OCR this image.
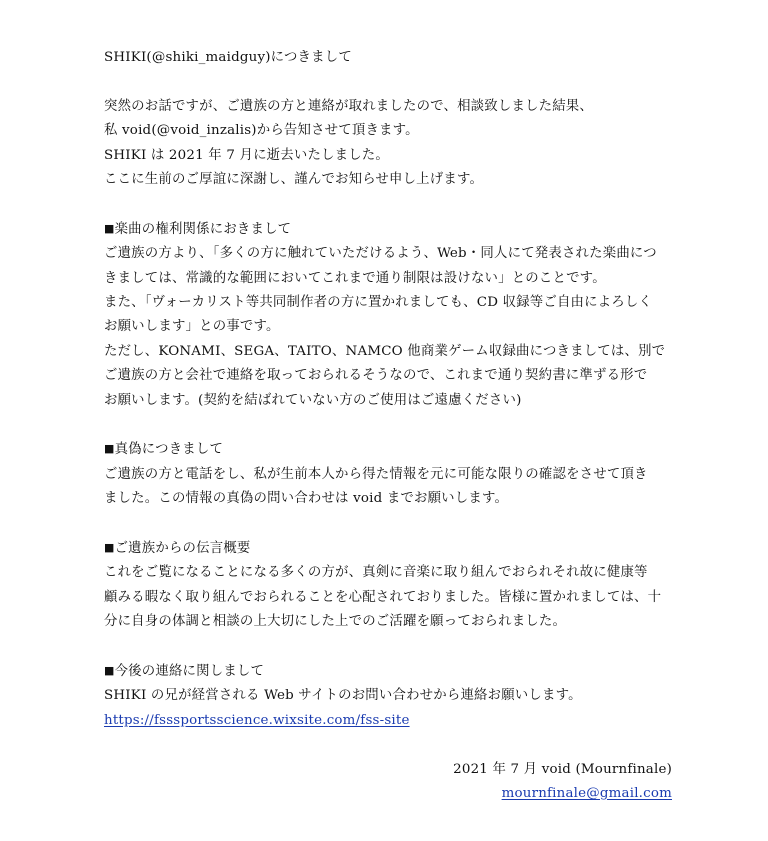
SHIKI(@shiki_maidguy)につきまして
突然のお話ですが、ご遺族の方と連絡が取れましたので、相談致しました結果、
私 void(@void_inzalis)から告知させて頂きます。
SHIKI は 2021 年 7 月に逝去いたしました。
ここに生前のご厚誼に深謝し、謹んでお知らせ申し上げます。
■楽曲の権利関係におきまして
ご遺族の方より、「多くの方に触れていただけるよう、Web・同人にて発表された楽曲につ
きましては、常識的な範囲においてこれまで通り制限は設けない」とのことです。
また、「ヴォーカリスト等共同制作者の方に置かれましても、CD 収録等ご自由によろしく
お願いします」との事です。
ただし、KONAMI、SEGA、TAITO、NAMCO 他商業ゲーム収録曲につきましては、別で
ご遺族の方と会社で連絡を取っておられるそうなので、これまで通り契約書に準ずる形で
お願いします。(契約を結ばれていない方のご使用はご遠慮ください)
■真偽につきまして
ご遺族の方と電話をし、私が生前本人から得た情報を元に可能な限りの確認をさせて頂き
ました。この情報の真偽の問い合わせは void までお願いします。
■ご遺族からの伝言概要
これをご覧になることになる多くの方が、真剣に音楽に取り組んでおられそれ故に健康等
顧みる暇なく取り組んでおられることを心配されておりました。皆様に置かれましては、十
分に自身の体調と相談の上大切にした上でのご活躍を願っておられました。
■今後の連絡に関しまして
SHIKI の兄が経営される Web サイトのお問い合わせから連絡お願いします。
https://fsssportsscience.wixsite.com/fss-site
2021 年 7 月 void (Mournfinale)
mournfinale@gmail.com
